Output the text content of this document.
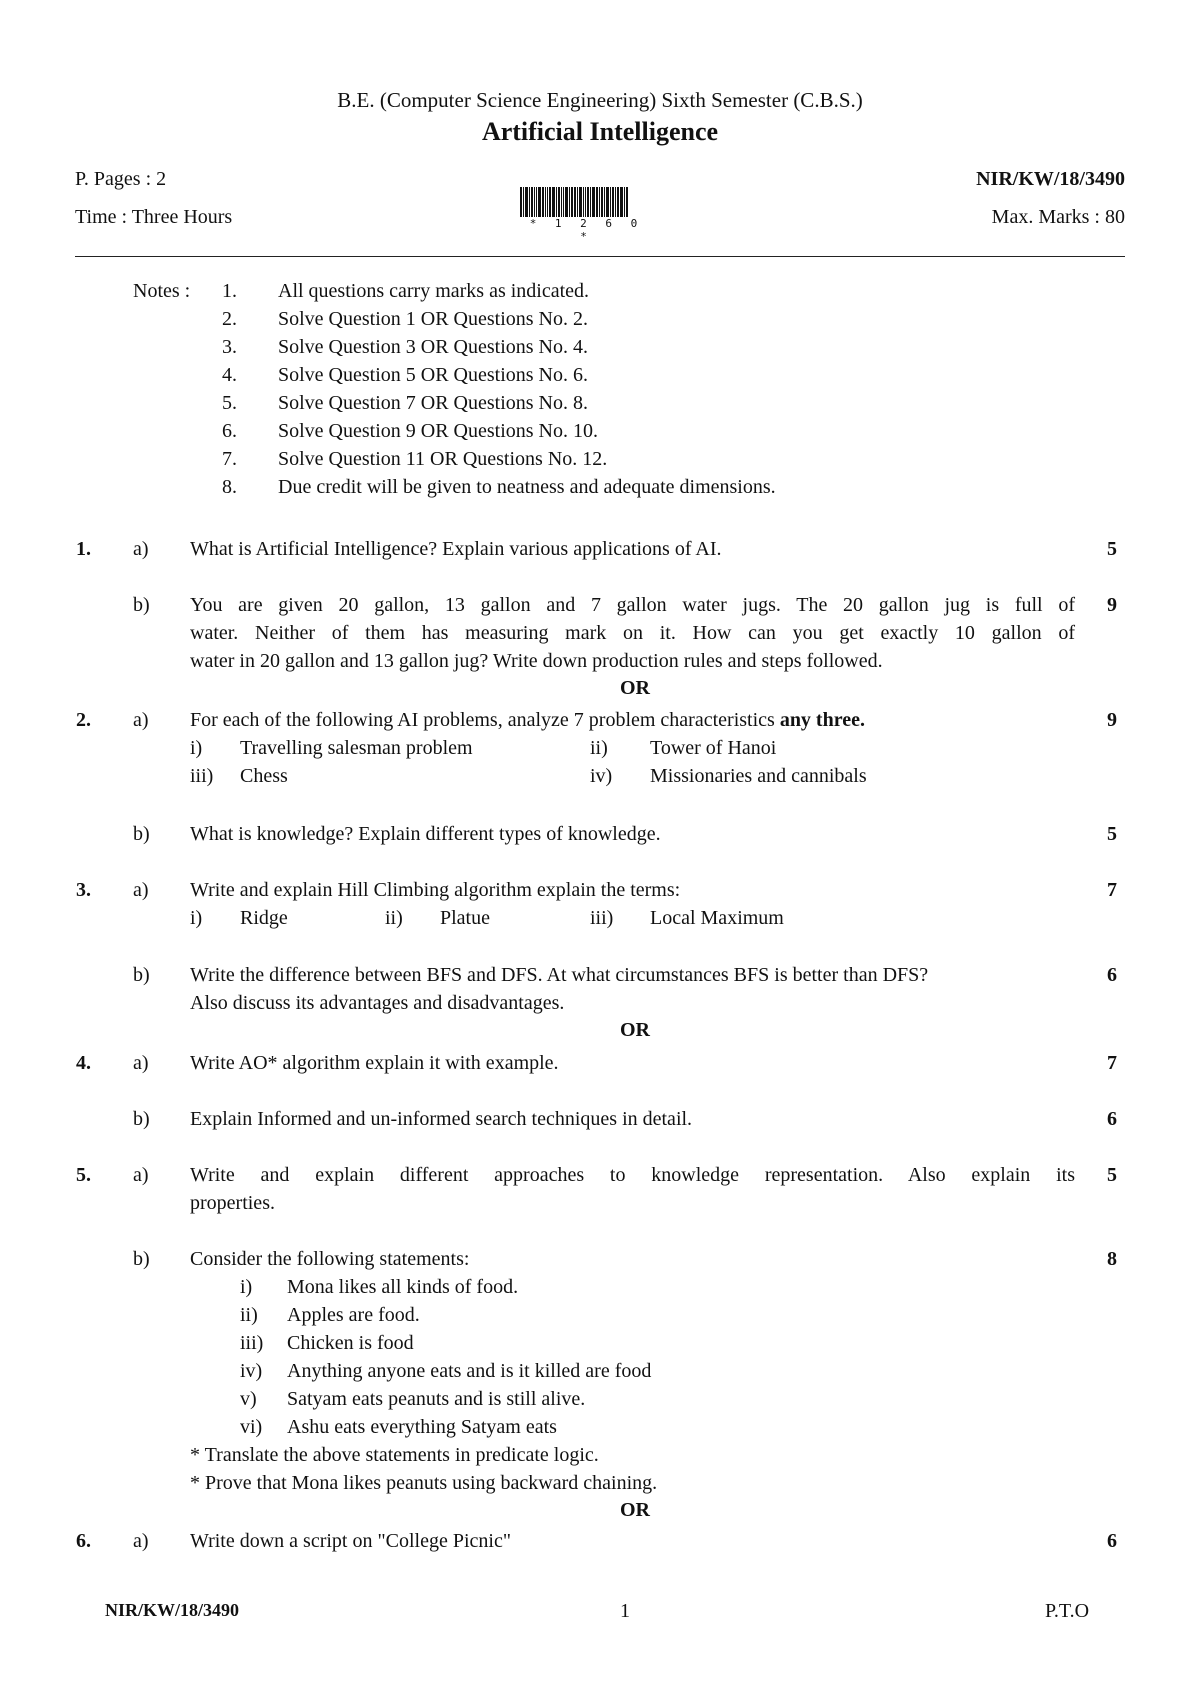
B.E. (Computer Science Engineering) Sixth Semester (C.B.S.)
Artificial Intelligence
P. Pages : 2	NIR/KW/18/3490
Time : Three Hours	Max. Marks : 80
* 1 2 6 0 *
Notes : 1. All questions carry marks as indicated.
2. Solve Question 1 OR Questions No. 2.
3. Solve Question 3 OR Questions No. 4.
4. Solve Question 5 OR Questions No. 6.
5. Solve Question 7 OR Questions No. 8.
6. Solve Question 9 OR Questions No. 10.
7. Solve Question 11 OR Questions No. 12.
8. Due credit will be given to neatness and adequate dimensions.
1. a) What is Artificial Intelligence? Explain various applications of AI.	5
b) You are given 20 gallon, 13 gallon and 7 gallon water jugs. The 20 gallon jug is full of
water. Neither of them has measuring mark on it. How can you get exactly 10 gallon of
water in 20 gallon and 13 gallon jug? Write down production rules and steps followed.
9
OR
2. a) For each of the following AI problems, analyze 7 problem characteristics any three.	9
i) Travelling salesman problem	ii) Tower of Hanoi
iii) Chess	iv) Missionaries and cannibals
b) What is knowledge? Explain different types of knowledge.	5
3. a) Write and explain Hill Climbing algorithm explain the terms:	7
i) Ridge	ii) Platue	iii) Local Maximum
b) Write the difference between BFS and DFS. At what circumstances BFS is better than DFS?
Also discuss its advantages and disadvantages.
6
OR
4. a) Write AO* algorithm explain it with example.	7
b) Explain Informed and un-informed search techniques in detail.	6
5. a) Write and explain different approaches to knowledge representation. Also explain its
properties.
5
b) Consider the following statements:	8
i) Mona likes all kinds of food.
ii) Apples are food.
iii) Chicken is food
iv) Anything anyone eats and is it killed are food
v) Satyam eats peanuts and is still alive.
vi) Ashu eats everything Satyam eats
* Translate the above statements in predicate logic.
* Prove that Mona likes peanuts using backward chaining.
OR
6. a) Write down a script on "College Picnic"	6
NIR/KW/18/3490	1	P.T.O
